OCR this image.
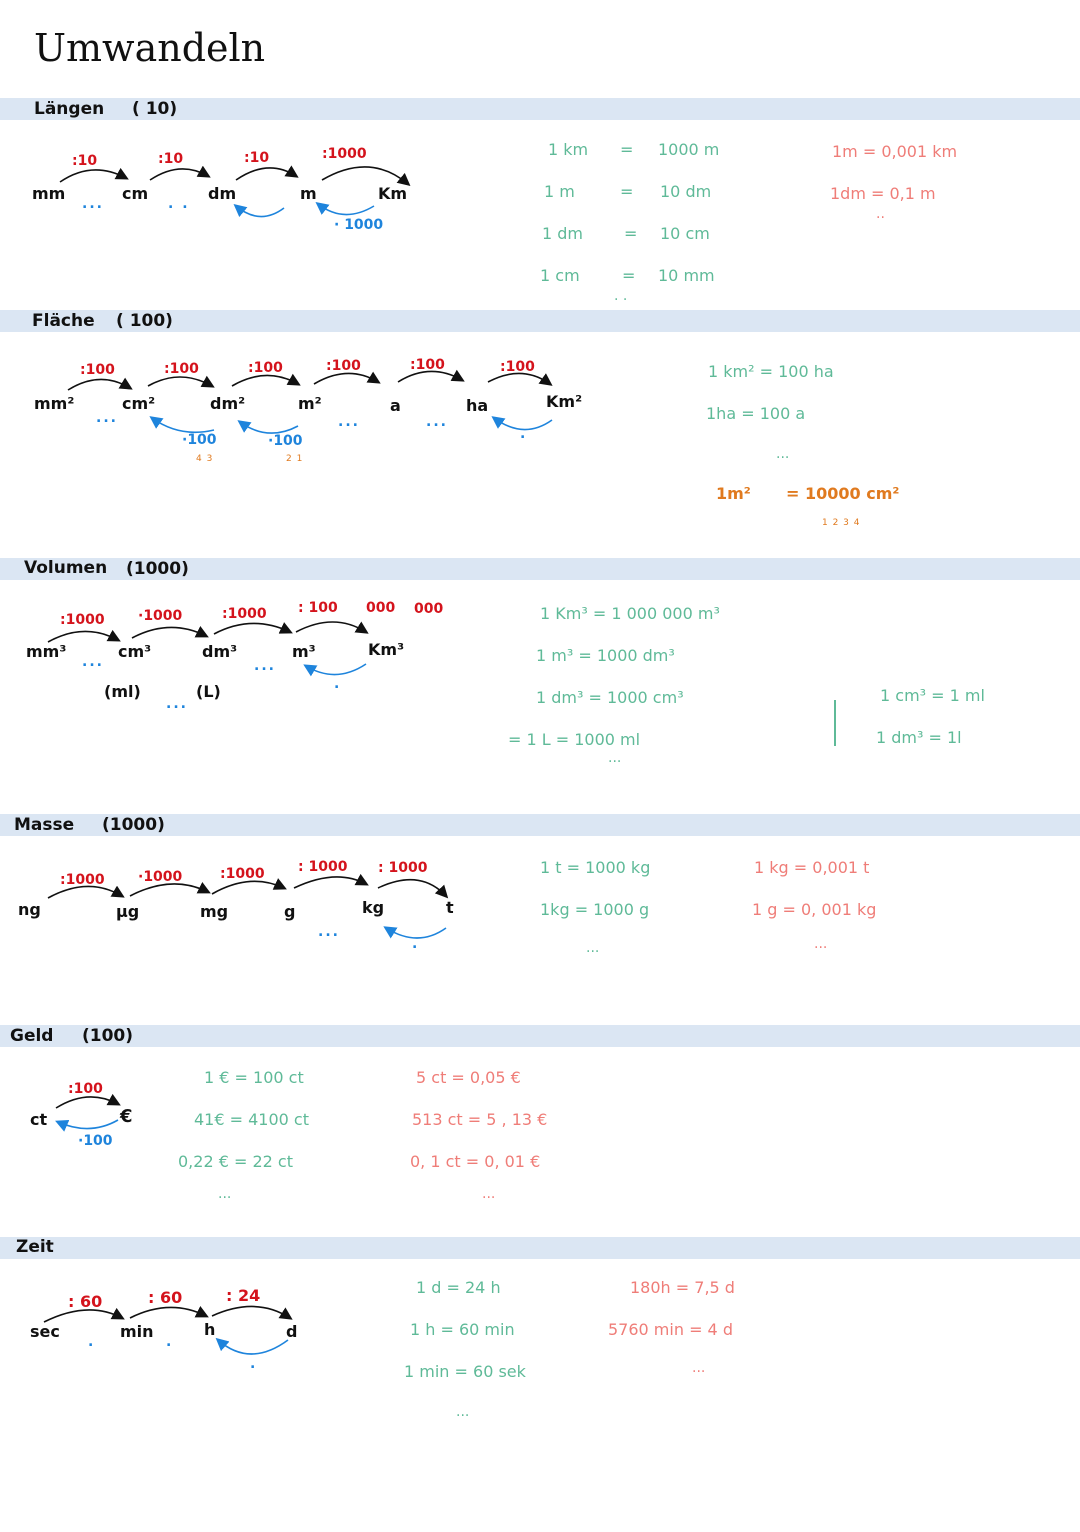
Umwandeln
Längen ( 10)
mm	cm	dm	m	Km
:10	:10	:10	:1000
· 1000
...	. .
1 km = 1000 m
1 m	= 10 dm
1 dm	= 10 cm
1 cm	= 10 mm
. .
1m = 0,001 km
1dm = 0,1 m
..
Fläche ( 100)
mm²	cm²	dm²	m²	a	ha	Km²
:100	:100	:100	:100	:100	:100
·100	·100
4 3	2 1
...	...	...
.
1 km² = 100 ha
1ha = 100 a
...
1m² = 10000 cm²
1 2 3 4
Volumen (1000)
mm³	cm³	dm³	m³	Km³
:1000 ·1000	:1000 : 100 000 000
(ml)	(L)
...	...
...
.
1 Km³ = 1 000 000 m³
1 m³ = 1000 dm³
1 dm³ = 1000 cm³
= 1 L = 1000 ml
...
1 cm³ = 1 ml
1 dm³ = 1l
Masse (1000)
ng	µg	mg	g	kg	t
:1000 ·1000	:1000 : 1000 : 1000
...
.
1 t = 1000 kg
1kg = 1000 g
...
1 kg = 0,001 t
1 g = 0, 001 kg
...
Geld (100)
ct	€
:100
·100
1 € = 100 ct
41€ = 4100 ct
0,22 € = 22 ct
...
5 ct = 0,05 €
513 ct = 5 , 13 €
0, 1 ct = 0, 01 €
...
Zeit
sec	min	h	d
: 60	: 60	: 24
.	.
.
1 d = 24 h
1 h = 60 min
1 min = 60 sek
...
180h = 7,5 d
5760 min = 4 d
...
